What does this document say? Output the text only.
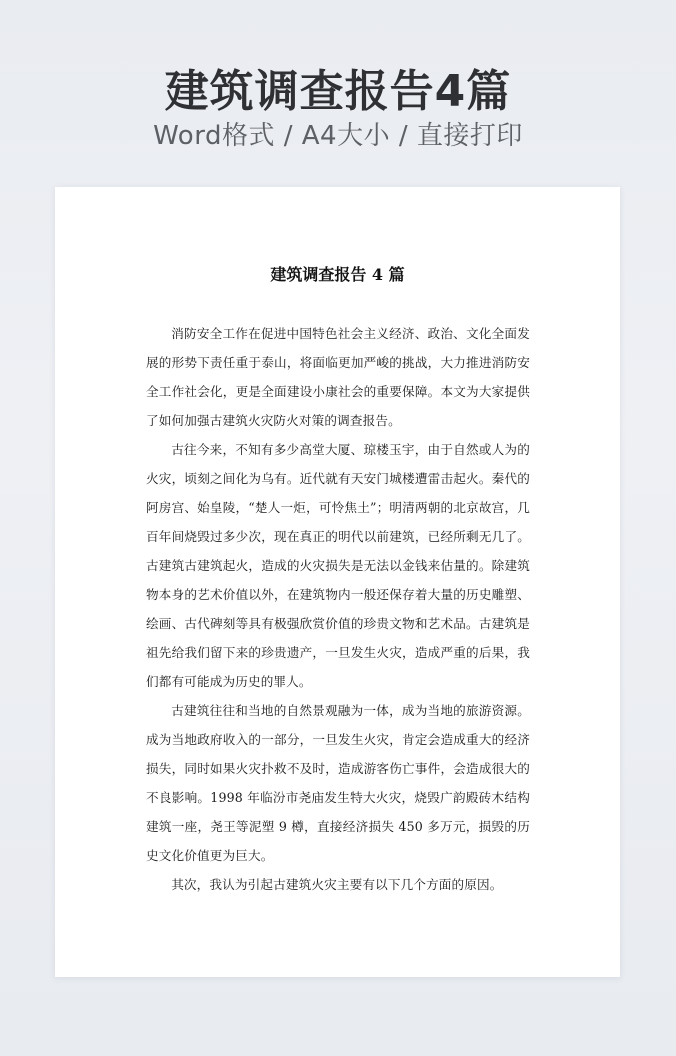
建筑调查报告4篇
Word格式 / A4大小 / 直接打印
建筑调查报告 4 篇

消防安全工作在促进中国特色社会主义经济、政治、文化全面发展的形势下责任重于泰山，将面临更加严峻的挑战，大力推进消防安全工作社会化，更是全面建设小康社会的重要保障。本文为大家提供了如何加强古建筑火灾防火对策的调查报告。

古往今来，不知有多少高堂大厦、琼楼玉宇，由于自然或人为的火灾，顷刻之间化为乌有。近代就有天安门城楼遭雷击起火。秦代的阿房宫、始皇陵，“楚人一炬，可怜焦土”；明清两朝的北京故宫，几百年间烧毁过多少次，现在真正的明代以前建筑，已经所剩无几了。古建筑古建筑起火，造成的火灾损失是无法以金钱来估量的。除建筑物本身的艺术价值以外，在建筑物内一般还保存着大量的历史雕塑、绘画、古代碑刻等具有极强欣赏价值的珍贵文物和艺术品。古建筑是祖先给我们留下来的珍贵遗产，一旦发生火灾，造成严重的后果，我们都有可能成为历史的罪人。

古建筑往往和当地的自然景观融为一体，成为当地的旅游资源。成为当地政府收入的一部分，一旦发生火灾，肯定会造成重大的经济损失，同时如果火灾扑救不及时，造成游客伤亡事件，会造成很大的不良影响。1998 年临汾市尧庙发生特大火灾，烧毁广韵殿砖木结构建筑一座，尧王等泥塑 9 樽，直接经济损失 450 多万元，损毁的历史文化价值更为巨大。

其次，我认为引起古建筑火灾主要有以下几个方面的原因。
